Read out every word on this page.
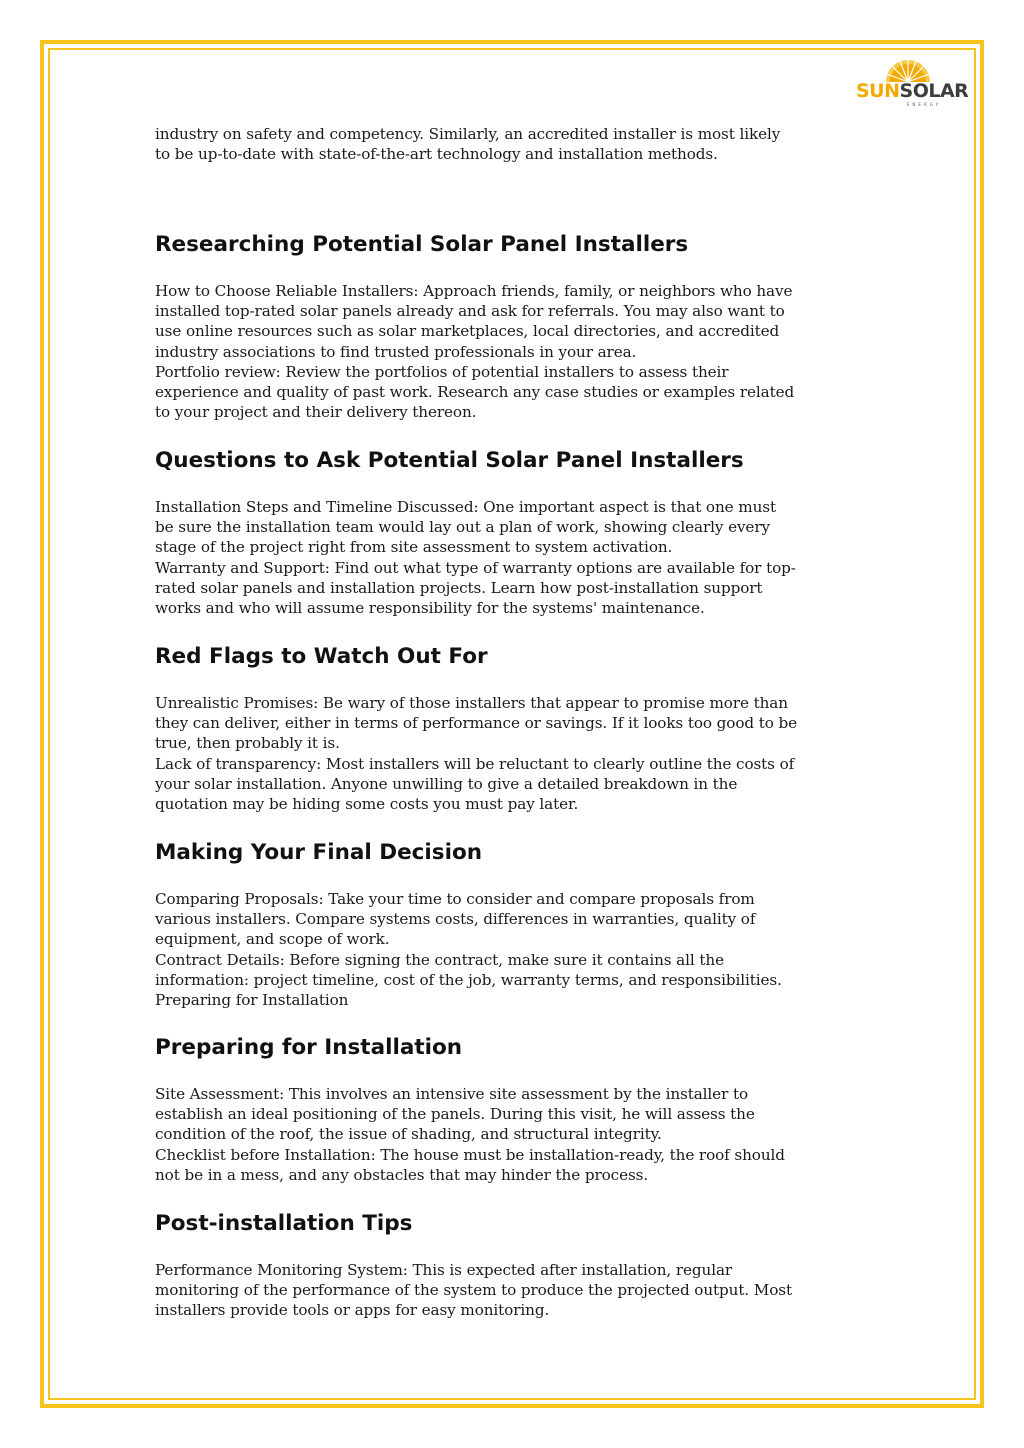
SUNSOLAR
ENERGY

industry on safety and competency. Similarly, an accredited installer is most likely
to be up-to-date with state-of-the-art technology and installation methods.

Researching Potential Solar Panel Installers

How to Choose Reliable Installers: Approach friends, family, or neighbors who have
installed top-rated solar panels already and ask for referrals. You may also want to
use online resources such as solar marketplaces, local directories, and accredited
industry associations to find trusted professionals in your area.
Portfolio review: Review the portfolios of potential installers to assess their
experience and quality of past work. Research any case studies or examples related
to your project and their delivery thereon.

Questions to Ask Potential Solar Panel Installers

Installation Steps and Timeline Discussed: One important aspect is that one must
be sure the installation team would lay out a plan of work, showing clearly every
stage of the project right from site assessment to system activation.
Warranty and Support: Find out what type of warranty options are available for top-
rated solar panels and installation projects. Learn how post-installation support
works and who will assume responsibility for the systems' maintenance.

Red Flags to Watch Out For

Unrealistic Promises: Be wary of those installers that appear to promise more than
they can deliver, either in terms of performance or savings. If it looks too good to be
true, then probably it is.
Lack of transparency: Most installers will be reluctant to clearly outline the costs of
your solar installation. Anyone unwilling to give a detailed breakdown in the
quotation may be hiding some costs you must pay later.

Making Your Final Decision

Comparing Proposals: Take your time to consider and compare proposals from
various installers. Compare systems costs, differences in warranties, quality of
equipment, and scope of work.
Contract Details: Before signing the contract, make sure it contains all the
information: project timeline, cost of the job, warranty terms, and responsibilities.
Preparing for Installation

Preparing for Installation

Site Assessment: This involves an intensive site assessment by the installer to
establish an ideal positioning of the panels. During this visit, he will assess the
condition of the roof, the issue of shading, and structural integrity.
Checklist before Installation: The house must be installation-ready, the roof should
not be in a mess, and any obstacles that may hinder the process.

Post-installation Tips

Performance Monitoring System: This is expected after installation, regular
monitoring of the performance of the system to produce the projected output. Most
installers provide tools or apps for easy monitoring.
